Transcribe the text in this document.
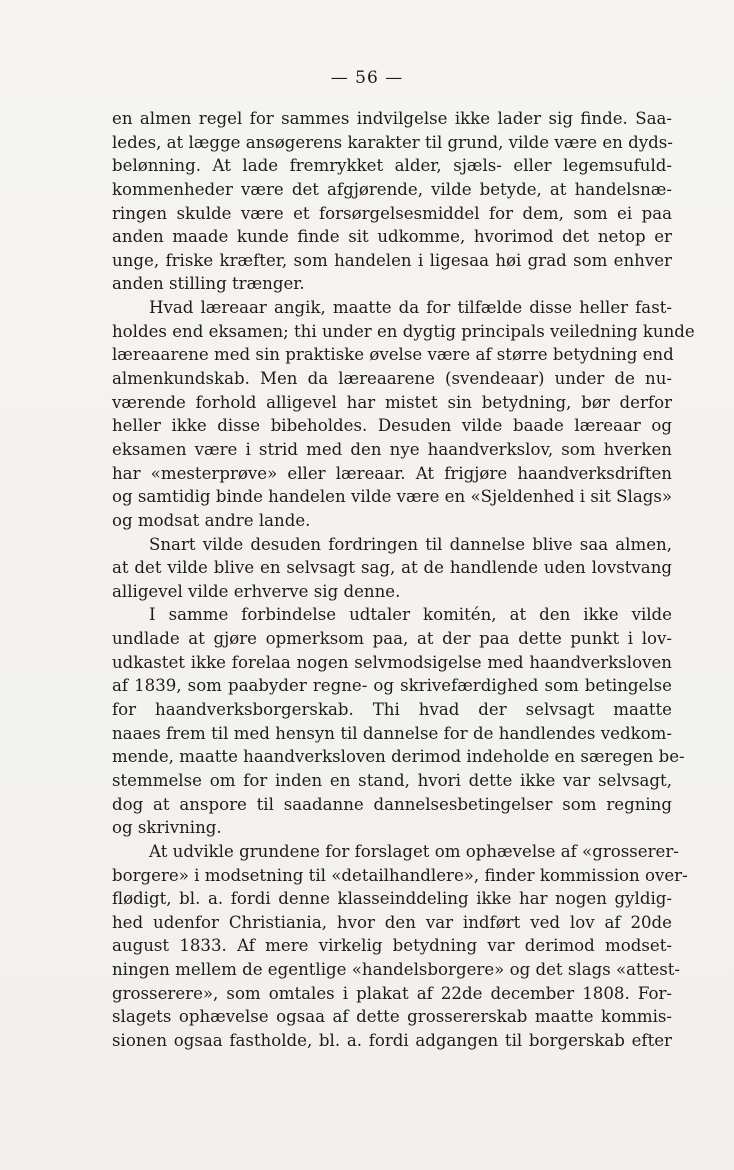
— 56 —
en almen regel for sammes indvilgelse ikke lader sig finde. Saa-
ledes, at lægge ansøgerens karakter til grund, vilde være en dyds-
belønning. At lade fremrykket alder, sjæls- eller legemsufuld-
kommenheder være det afgjørende, vilde betyde, at handelsnæ-
ringen skulde være et forsørgelsesmiddel for dem, som ei paa
anden maade kunde finde sit udkomme, hvorimod det netop er
unge, friske kræfter, som handelen i ligesaa høi grad som enhver
anden stilling trænger.
Hvad læreaar angik, maatte da for tilfælde disse heller fast-
holdes end eksamen; thi under en dygtig principals veiledning kunde
læreaarene med sin praktiske øvelse være af større betydning end
almenkundskab. Men da læreaarene (svendeaar) under de nu-
værende forhold alligevel har mistet sin betydning, bør derfor
heller ikke disse bibeholdes. Desuden vilde baade læreaar og
eksamen være i strid med den nye haandverkslov, som hverken
har «mesterprøve» eller læreaar. At frigjøre haandverksdriften
og samtidig binde handelen vilde være en «Sjeldenhed i sit Slags»
og modsat andre lande.
Snart vilde desuden fordringen til dannelse blive saa almen,
at det vilde blive en selvsagt sag, at de handlende uden lovstvang
alligevel vilde erhverve sig denne.
I samme forbindelse udtaler komitén, at den ikke vilde
undlade at gjøre opmerksom paa, at der paa dette punkt i lov-
udkastet ikke forelaa nogen selvmodsigelse med haandverksloven
af 1839, som paabyder regne- og skrivefærdighed som betingelse
for haandverksborgerskab. Thi hvad der selvsagt maatte
naaes frem til med hensyn til dannelse for de handlendes vedkom-
mende, maatte haandverksloven derimod indeholde en særegen be-
stemmelse om for inden en stand, hvori dette ikke var selvsagt,
dog at anspore til saadanne dannelsesbetingelser som regning
og skrivning.
At udvikle grundene for forslaget om ophævelse af «grosserer-
borgere» i modsetning til «detailhandlere», finder kommission over-
flødigt, bl. a. fordi denne klasseinddeling ikke har nogen gyldig-
hed udenfor Christiania, hvor den var indført ved lov af 20de
august 1833. Af mere virkelig betydning var derimod modset-
ningen mellem de egentlige «handelsborgere» og det slags «attest-
grosserere», som omtales i plakat af 22de december 1808. For-
slagets ophævelse ogsaa af dette grossererskab maatte kommis-
sionen ogsaa fastholde, bl. a. fordi adgangen til borgerskab efter
